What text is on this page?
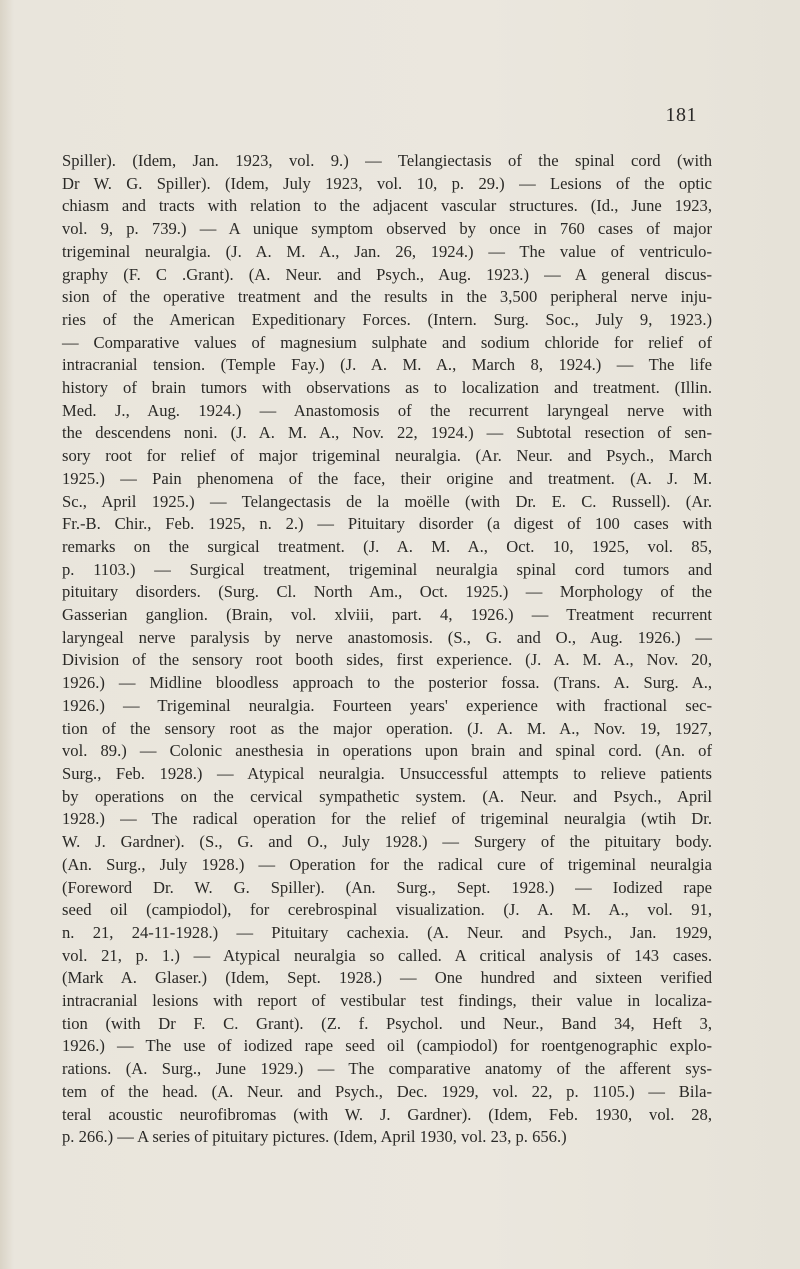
181
Spiller). (Idem, Jan. 1923, vol. 9.) — Telangiectasis of the spinal cord (with
Dr W. G. Spiller). (Idem, July 1923, vol. 10, p. 29.) — Lesions of the optic
chiasm and tracts with relation to the adjacent vascular structures. (Id., June 1923,
vol. 9, p. 739.) — A unique symptom observed by once in 760 cases of major
trigeminal neuralgia. (J. A. M. A., Jan. 26, 1924.) — The value of ventriculo-
graphy (F. C .Grant). (A. Neur. and Psych., Aug. 1923.) — A general discus-
sion of the operative treatment and the results in the 3,500 peripheral nerve inju-
ries of the American Expeditionary Forces. (Intern. Surg. Soc., July 9, 1923.)
— Comparative values of magnesium sulphate and sodium chloride for relief of
intracranial tension. (Temple Fay.) (J. A. M. A., March 8, 1924.) — The life
history of brain tumors with observations as to localization and treatment. (Illin.
Med. J., Aug. 1924.) — Anastomosis of the recurrent laryngeal nerve with
the descendens noni. (J. A. M. A., Nov. 22, 1924.) — Subtotal resection of sen-
sory root for relief of major trigeminal neuralgia. (Ar. Neur. and Psych., March
1925.) — Pain phenomena of the face, their origine and treatment. (A. J. M.
Sc., April 1925.) — Telangectasis de la moëlle (with Dr. E. C. Russell). (Ar.
Fr.-B. Chir., Feb. 1925, n. 2.) — Pituitary disorder (a digest of 100 cases with
remarks on the surgical treatment. (J. A. M. A., Oct. 10, 1925, vol. 85,
p. 1103.) — Surgical treatment, trigeminal neuralgia spinal cord tumors and
pituitary disorders. (Surg. Cl. North Am., Oct. 1925.) — Morphology of the
Gasserian ganglion. (Brain, vol. xlviii, part. 4, 1926.) — Treatment recurrent
laryngeal nerve paralysis by nerve anastomosis. (S., G. and O., Aug. 1926.) —
Division of the sensory root booth sides, first experience. (J. A. M. A., Nov. 20,
1926.) — Midline bloodless approach to the posterior fossa. (Trans. A. Surg. A.,
1926.) — Trigeminal neuralgia. Fourteen years' experience with fractional sec-
tion of the sensory root as the major operation. (J. A. M. A., Nov. 19, 1927,
vol. 89.) — Colonic anesthesia in operations upon brain and spinal cord. (An. of
Surg., Feb. 1928.) — Atypical neuralgia. Unsuccessful attempts to relieve patients
by operations on the cervical sympathetic system. (A. Neur. and Psych., April
1928.) — The radical operation for the relief of trigeminal neuralgia (wtih Dr.
W. J. Gardner). (S., G. and O., July 1928.) — Surgery of the pituitary body.
(An. Surg., July 1928.) — Operation for the radical cure of trigeminal neuralgia
(Foreword Dr. W. G. Spiller). (An. Surg., Sept. 1928.) — Iodized rape
seed oil (campiodol), for cerebrospinal visualization. (J. A. M. A., vol. 91,
n. 21, 24-11-1928.) — Pituitary cachexia. (A. Neur. and Psych., Jan. 1929,
vol. 21, p. 1.) — Atypical neuralgia so called. A critical analysis of 143 cases.
(Mark A. Glaser.) (Idem, Sept. 1928.) — One hundred and sixteen verified
intracranial lesions with report of vestibular test findings, their value in localiza-
tion (with Dr F. C. Grant). (Z. f. Psychol. und Neur., Band 34, Heft 3,
1926.) — The use of iodized rape seed oil (campiodol) for roentgenographic explo-
rations. (A. Surg., June 1929.) — The comparative anatomy of the afferent sys-
tem of the head. (A. Neur. and Psych., Dec. 1929, vol. 22, p. 1105.) — Bila-
teral acoustic neurofibromas (with W. J. Gardner). (Idem, Feb. 1930, vol. 28,
p. 266.) — A series of pituitary pictures. (Idem, April 1930, vol. 23, p. 656.)
